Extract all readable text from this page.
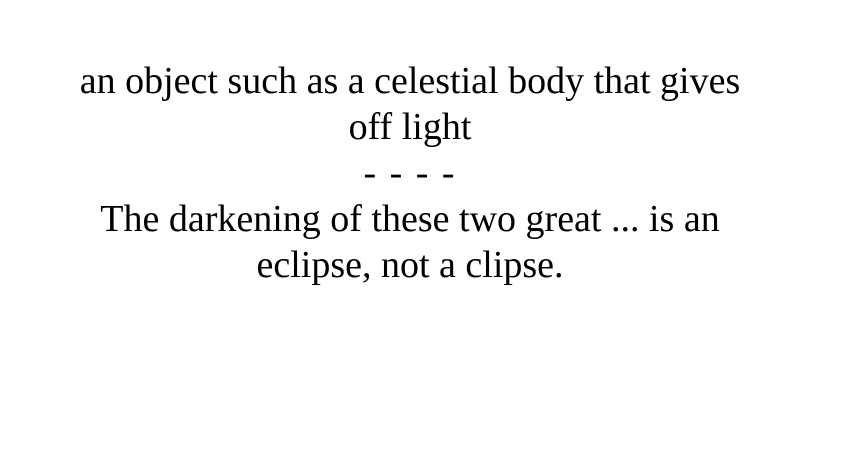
an object such as a celestial body that gives off light
- - - -
The darkening of these two great ... is an eclipse, not a clipse.
